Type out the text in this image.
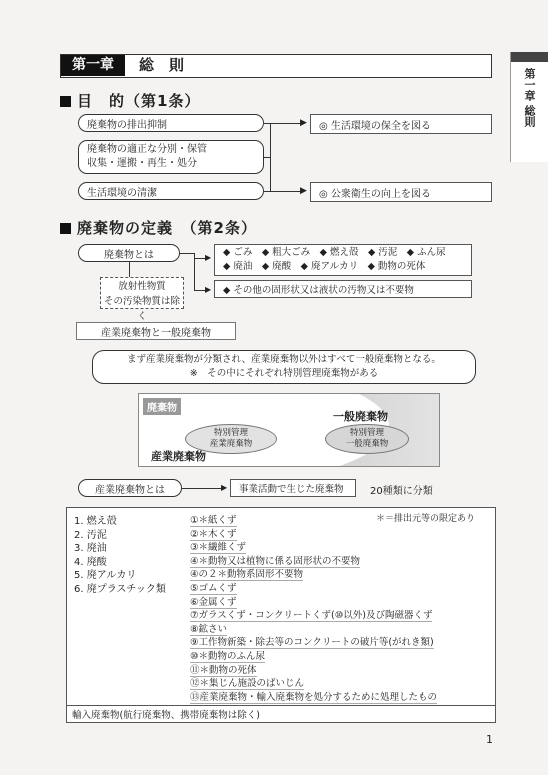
第一章 総則
第一章	総　則
目　的（第1条）
廃棄物の排出抑制
廃棄物の適正な分別・保管
収集・運搬・再生・処分
生活環境の清潔
▶
▶
◎ 生活環境の保全を図る
◎ 公衆衛生の向上を図る
廃棄物の定義　（第2条）
廃棄物とは
放射性物質
その汚染物質は除く
▶
▶
◆ ごみ　◆ 粗大ごみ　◆ 燃え殻　◆ 汚泥　◆ ふん尿
◆ 廃油　◆ 廃酸　◆ 廃アルカリ　◆ 動物の死体
◆ その他の固形状又は液状の汚物又は不要物
産業廃棄物と一般廃棄物
まず産業廃棄物が分類され、産業廃棄物以外はすべて一般廃棄物となる。
※　その中にそれぞれ特別管理廃棄物がある
廃棄物
特別管理
産業廃棄物
産業廃棄物
一般廃棄物
特別管理
一般廃棄物
産業廃棄物とは	▶	事業活動で生じた廃棄物	20種類に分類
＊＝排出元等の限定あり
1. 燃え殻
2. 汚泥
3. 廃油
4. 廃酸
5. 廃アルカリ
6. 廃プラスチック類
①＊紙くず
②＊木くず
③＊繊維くず
④＊動物又は植物に係る固形状の不要物
④の２＊動物系固形不要物
⑤ゴムくず
⑥金属くず
⑦ガラスくず・コンクリートくず(⑩以外)及び陶磁器くず
⑧鉱さい
⑨工作物新築・除去等のコンクリートの破片等(がれき類)
⑩＊動物のふん尿
⑪＊動物の死体
⑫＊集じん施設のばいじん
⑬産業廃棄物・輸入廃棄物を処分するために処理したもの
輸入廃棄物(航行廃棄物、携帯廃棄物は除く)
1
